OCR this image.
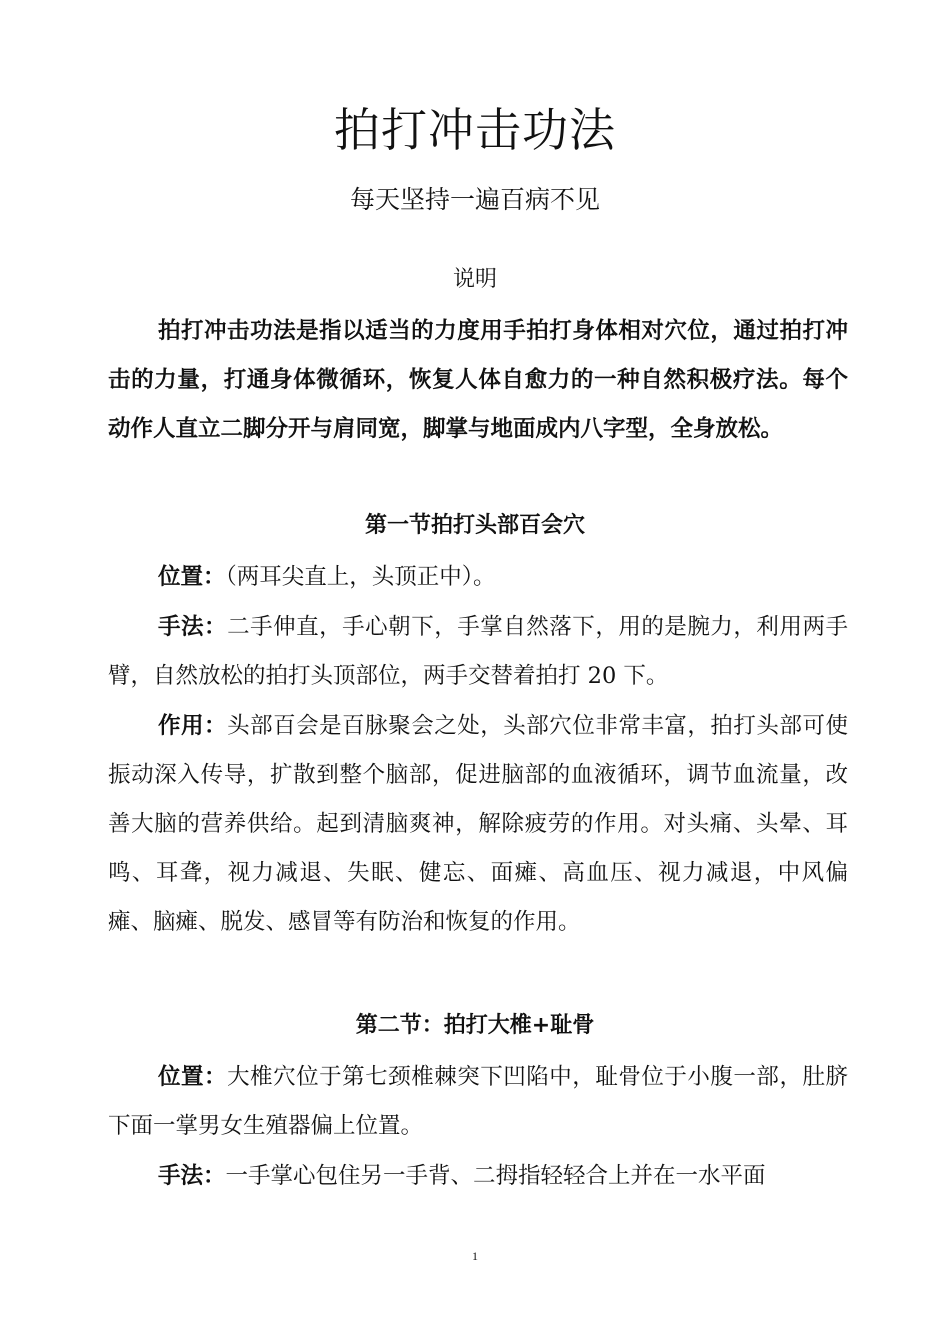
拍打冲击功法
每天坚持一遍百病不见
说明
拍打冲击功法是指以适当的力度用手拍打身体相对穴位，通过拍打冲击的力量，打通身体微循环，恢复人体自愈力的一种自然积极疗法。每个动作人直立二脚分开与肩同宽，脚掌与地面成内八字型，全身放松。
第一节拍打头部百会穴
位置：（两耳尖直上，头顶正中）。
手法：二手伸直，手心朝下，手掌自然落下，用的是腕力，利用两手臂，自然放松的拍打头顶部位，两手交替着拍打 20 下。
作用：头部百会是百脉聚会之处，头部穴位非常丰富，拍打头部可使振动深入传导，扩散到整个脑部，促进脑部的血液循环，调节血流量，改善大脑的营养供给。起到清脑爽神，解除疲劳的作用。对头痛、头晕、耳鸣、耳聋，视力减退、失眠、健忘、面瘫、高血压、视力减退，中风偏瘫、脑瘫、脱发、感冒等有防治和恢复的作用。
第二节：拍打大椎+耻骨
位置：大椎穴位于第七颈椎棘突下凹陷中，耻骨位于小腹一部，肚脐下面一掌男女生殖器偏上位置。
手法：一手掌心包住另一手背、二拇指轻轻合上并在一水平面
1
